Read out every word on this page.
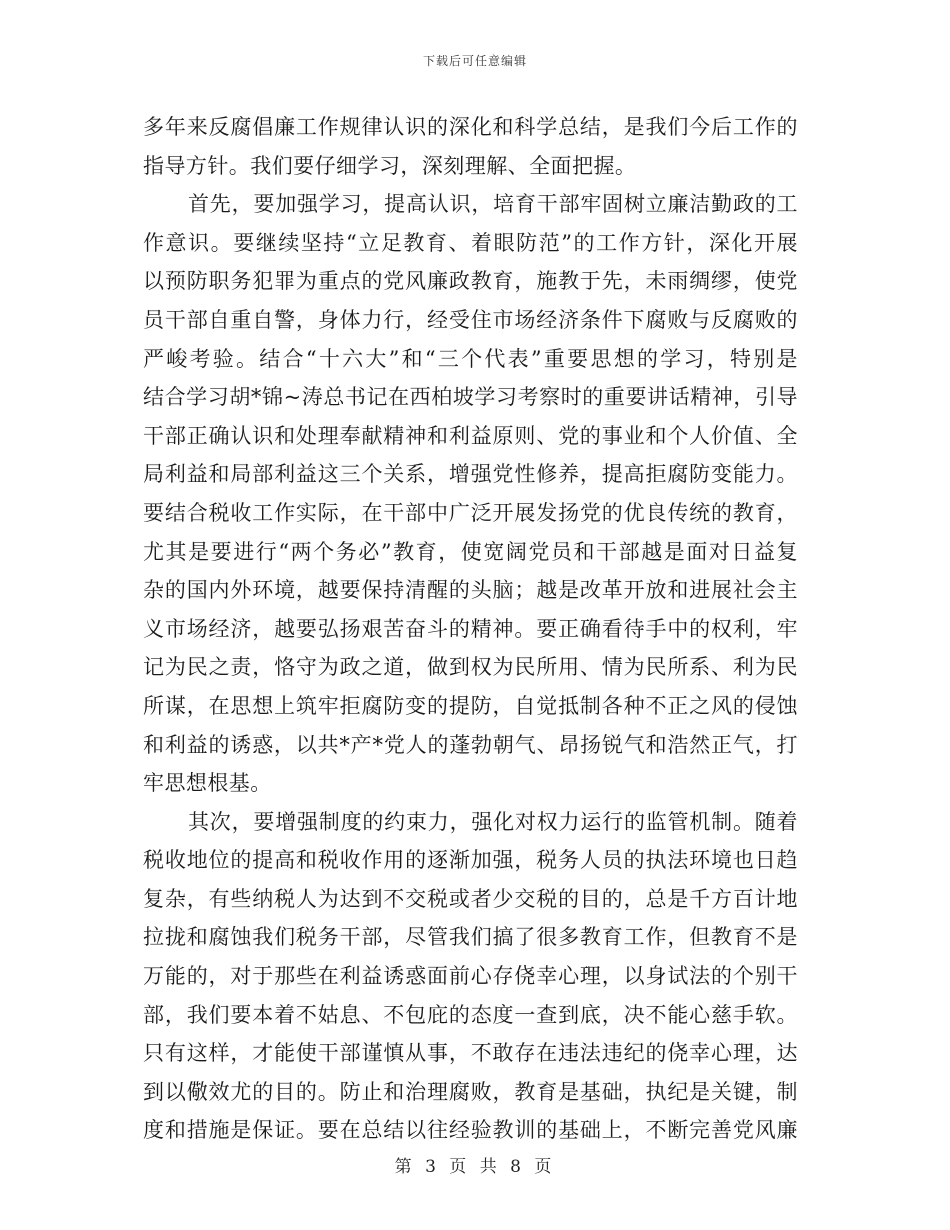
下载后可任意编辑
多年来反腐倡廉工作规律认识的深化和科学总结，是我们今后工作的
指导方针。我们要仔细学习，深刻理解、全面把握。
首先，要加强学习，提高认识，培育干部牢固树立廉洁勤政的工
作意识。要继续坚持“立足教育、着眼防范”的工作方针，深化开展
以预防职务犯罪为重点的党风廉政教育，施教于先，未雨绸缪，使党
员干部自重自警，身体力行，经受住市场经济条件下腐败与反腐败的
严峻考验。结合“十六大”和“三个代表”重要思想的学习，特别是
结合学习胡*锦~涛总书记在西柏坡学习考察时的重要讲话精神，引导
干部正确认识和处理奉献精神和利益原则、党的事业和个人价值、全
局利益和局部利益这三个关系，增强党性修养，提高拒腐防变能力。
要结合税收工作实际，在干部中广泛开展发扬党的优良传统的教育，
尤其是要进行“两个务必”教育，使宽阔党员和干部越是面对日益复
杂的国内外环境，越要保持清醒的头脑；越是改革开放和进展社会主
义市场经济，越要弘扬艰苦奋斗的精神。要正确看待手中的权利，牢
记为民之责，恪守为政之道，做到权为民所用、情为民所系、利为民
所谋，在思想上筑牢拒腐防变的提防，自觉抵制各种不正之风的侵蚀
和利益的诱惑，以共*产*党人的蓬勃朝气、昂扬锐气和浩然正气，打
牢思想根基。
其次，要增强制度的约束力，强化对权力运行的监管机制。随着
税收地位的提高和税收作用的逐渐加强，税务人员的执法环境也日趋
复杂，有些纳税人为达到不交税或者少交税的目的，总是千方百计地
拉拢和腐蚀我们税务干部，尽管我们搞了很多教育工作，但教育不是
万能的，对于那些在利益诱惑面前心存侥幸心理，以身试法的个别干
部，我们要本着不姑息、不包庇的态度一查到底，决不能心慈手软。
只有这样，才能使干部谨慎从事，不敢存在违法违纪的侥幸心理，达
到以儆效尤的目的。防止和治理腐败，教育是基础，执纪是关键，制
度和措施是保证。要在总结以往经验教训的基础上，不断完善党风廉
第 3 页 共 8 页
